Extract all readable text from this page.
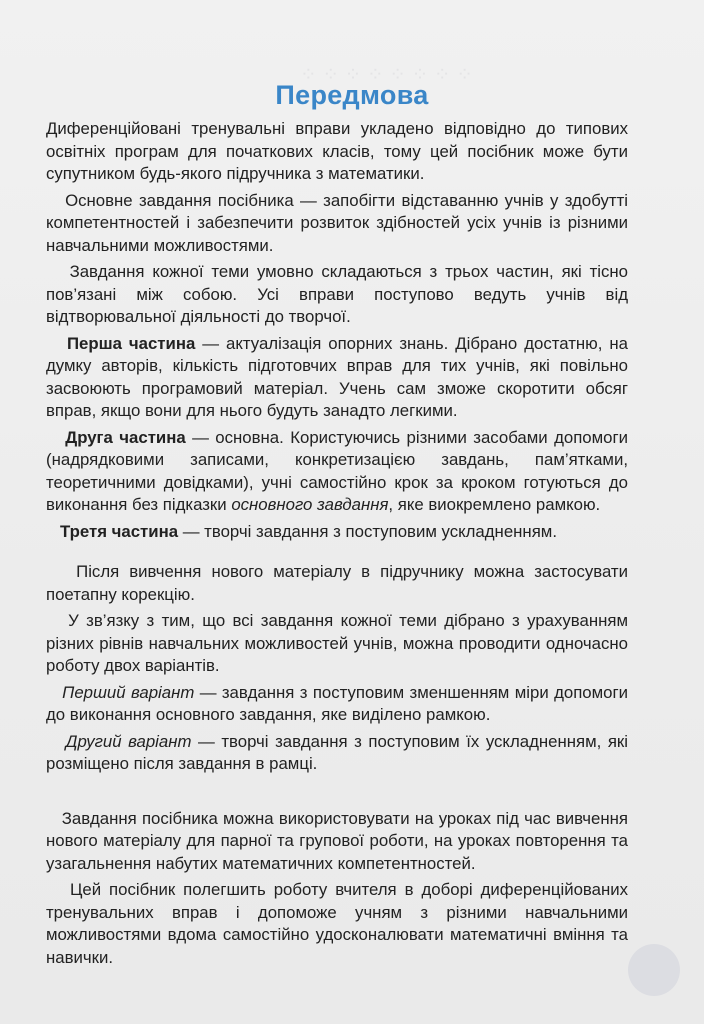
⁘ ⁘ ⁘ ⁘ ⁘ ⁘ ⁘ ⁘
Передмова

Диференційовані тренувальні вправи укладено відповідно до типових освітніх програм для початкових класів, тому цей посібник може бути супутником будь-якого підручника з математики.

Основне завдання посібника — запобігти відставанню учнів у здобутті компетентностей і забезпечити розвиток здібностей усіх учнів із різними навчальними можливостями.

Завдання кожної теми умовно складаються з трьох частин, які тісно пов’язані між собою. Усі вправи поступово ведуть учнів від відтворювальної діяльності до творчої.

Перша частина — актуалізація опорних знань. Дібрано достатню, на думку авторів, кількість підготовчих вправ для тих учнів, які повільно засвоюють програмовий матеріал. Учень сам зможе скоротити обсяг вправ, якщо вони для нього будуть занадто легкими.

Друга частина — основна. Користуючись різними засобами допомоги (надрядковими записами, конкретизацією завдань, пам’ятками, теоретичними довідками), учні самостійно крок за кроком готуються до виконання без підказки основного завдання, яке виокремлено рамкою.

Третя частина — творчі завдання з поступовим ускладненням.

Після вивчення нового матеріалу в підручнику можна застосувати поетапну корекцію.

У зв’язку з тим, що всі завдання кожної теми дібрано з урахуванням різних рівнів навчальних можливостей учнів, можна проводити одночасно роботу двох варіантів.

Перший варіант — завдання з поступовим зменшенням міри допомоги до виконання основного завдання, яке виділено рамкою.

Другий варіант — творчі завдання з поступовим їх ускладненням, які розміщено після завдання в рамці.

Завдання посібника можна використовувати на уроках під час вивчення нового матеріалу для парної та групової роботи, на уроках повторення та узагальнення набутих математичних компетентностей.

Цей посібник полегшить роботу вчителя в доборі диференційованих тренувальних вправ і допоможе учням з різними навчальними можливостями вдома самостійно удосконалювати математичні вміння та навички.
